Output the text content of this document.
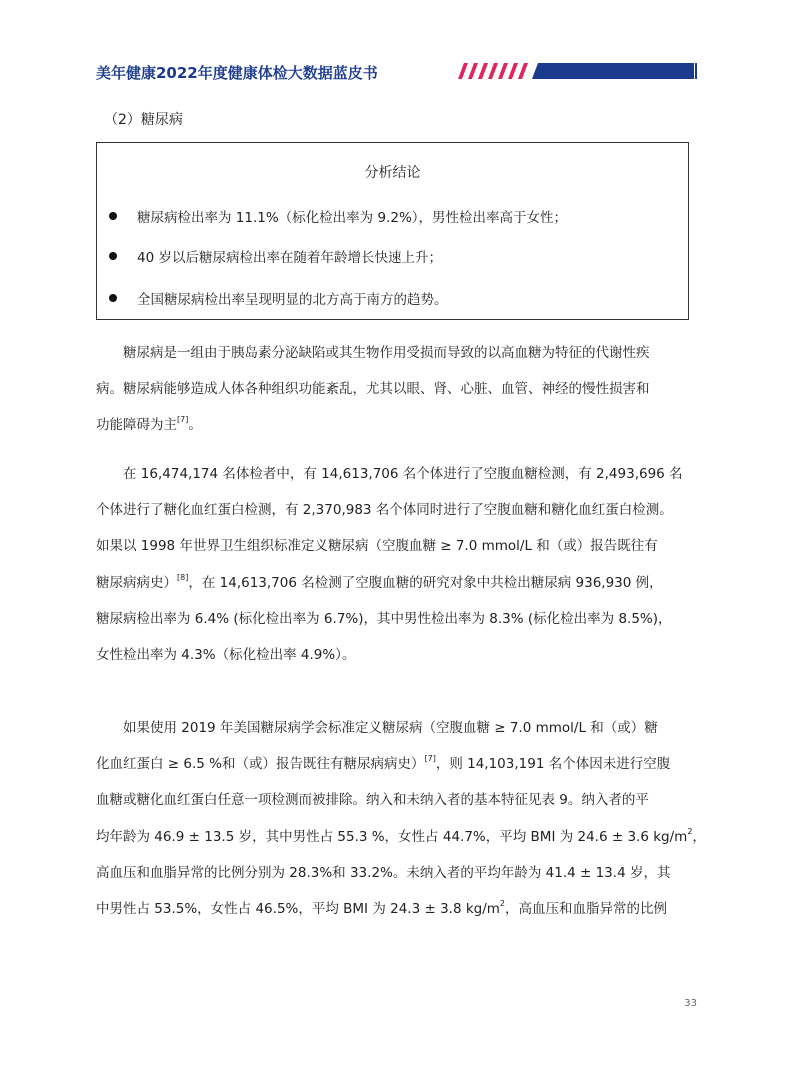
美年健康2022年度健康体检大数据蓝皮书
（2）糖尿病
分析结论
糖尿病检出率为 11.1%（标化检出率为 9.2%），男性检出率高于女性；
40 岁以后糖尿病检出率在随着年龄增长快速上升；
全国糖尿病检出率呈现明显的北方高于南方的趋势。
糖尿病是一组由于胰岛素分泌缺陷或其生物作用受损而导致的以高血糖为特征的代谢性疾
病。糖尿病能够造成人体各种组织功能紊乱，尤其以眼、肾、心脏、血管、神经的慢性损害和
功能障碍为主[7]。
在 16,474,174 名体检者中，有 14,613,706 名个体进行了空腹血糖检测，有 2,493,696 名
个体进行了糖化血红蛋白检测，有 2,370,983 名个体同时进行了空腹血糖和糖化血红蛋白检测。
如果以 1998 年世界卫生组织标准定义糖尿病（空腹血糖 ≥ 7.0 mmol/L 和（或）报告既往有
糖尿病病史）[8]，在 14,613,706 名检测了空腹血糖的研究对象中共检出糖尿病 936,930 例，
糖尿病检出率为 6.4% (标化检出率为 6.7%)，其中男性检出率为 8.3% (标化检出率为 8.5%)，
女性检出率为 4.3%（标化检出率 4.9%）。
如果使用 2019 年美国糖尿病学会标准定义糖尿病（空腹血糖 ≥ 7.0 mmol/L 和（或）糖
化血红蛋白 ≥ 6.5 %和（或）报告既往有糖尿病病史）[7]，则 14,103,191 名个体因未进行空腹
血糖或糖化血红蛋白任意一项检测而被排除。纳入和未纳入者的基本特征见表 9。纳入者的平
均年龄为 46.9 ± 13.5 岁，其中男性占 55.3 %，女性占 44.7%，平均 BMI 为 24.6 ± 3.6 $kg/m^2$，
高血压和血脂异常的比例分别为 28.3%和 33.2%。未纳入者的平均年龄为 41.4 ± 13.4 岁，其
中男性占 53.5%，女性占 46.5%，平均 BMI 为 24.3 ± 3.8 $kg/m^2$，高血压和血脂异常的比例
33
